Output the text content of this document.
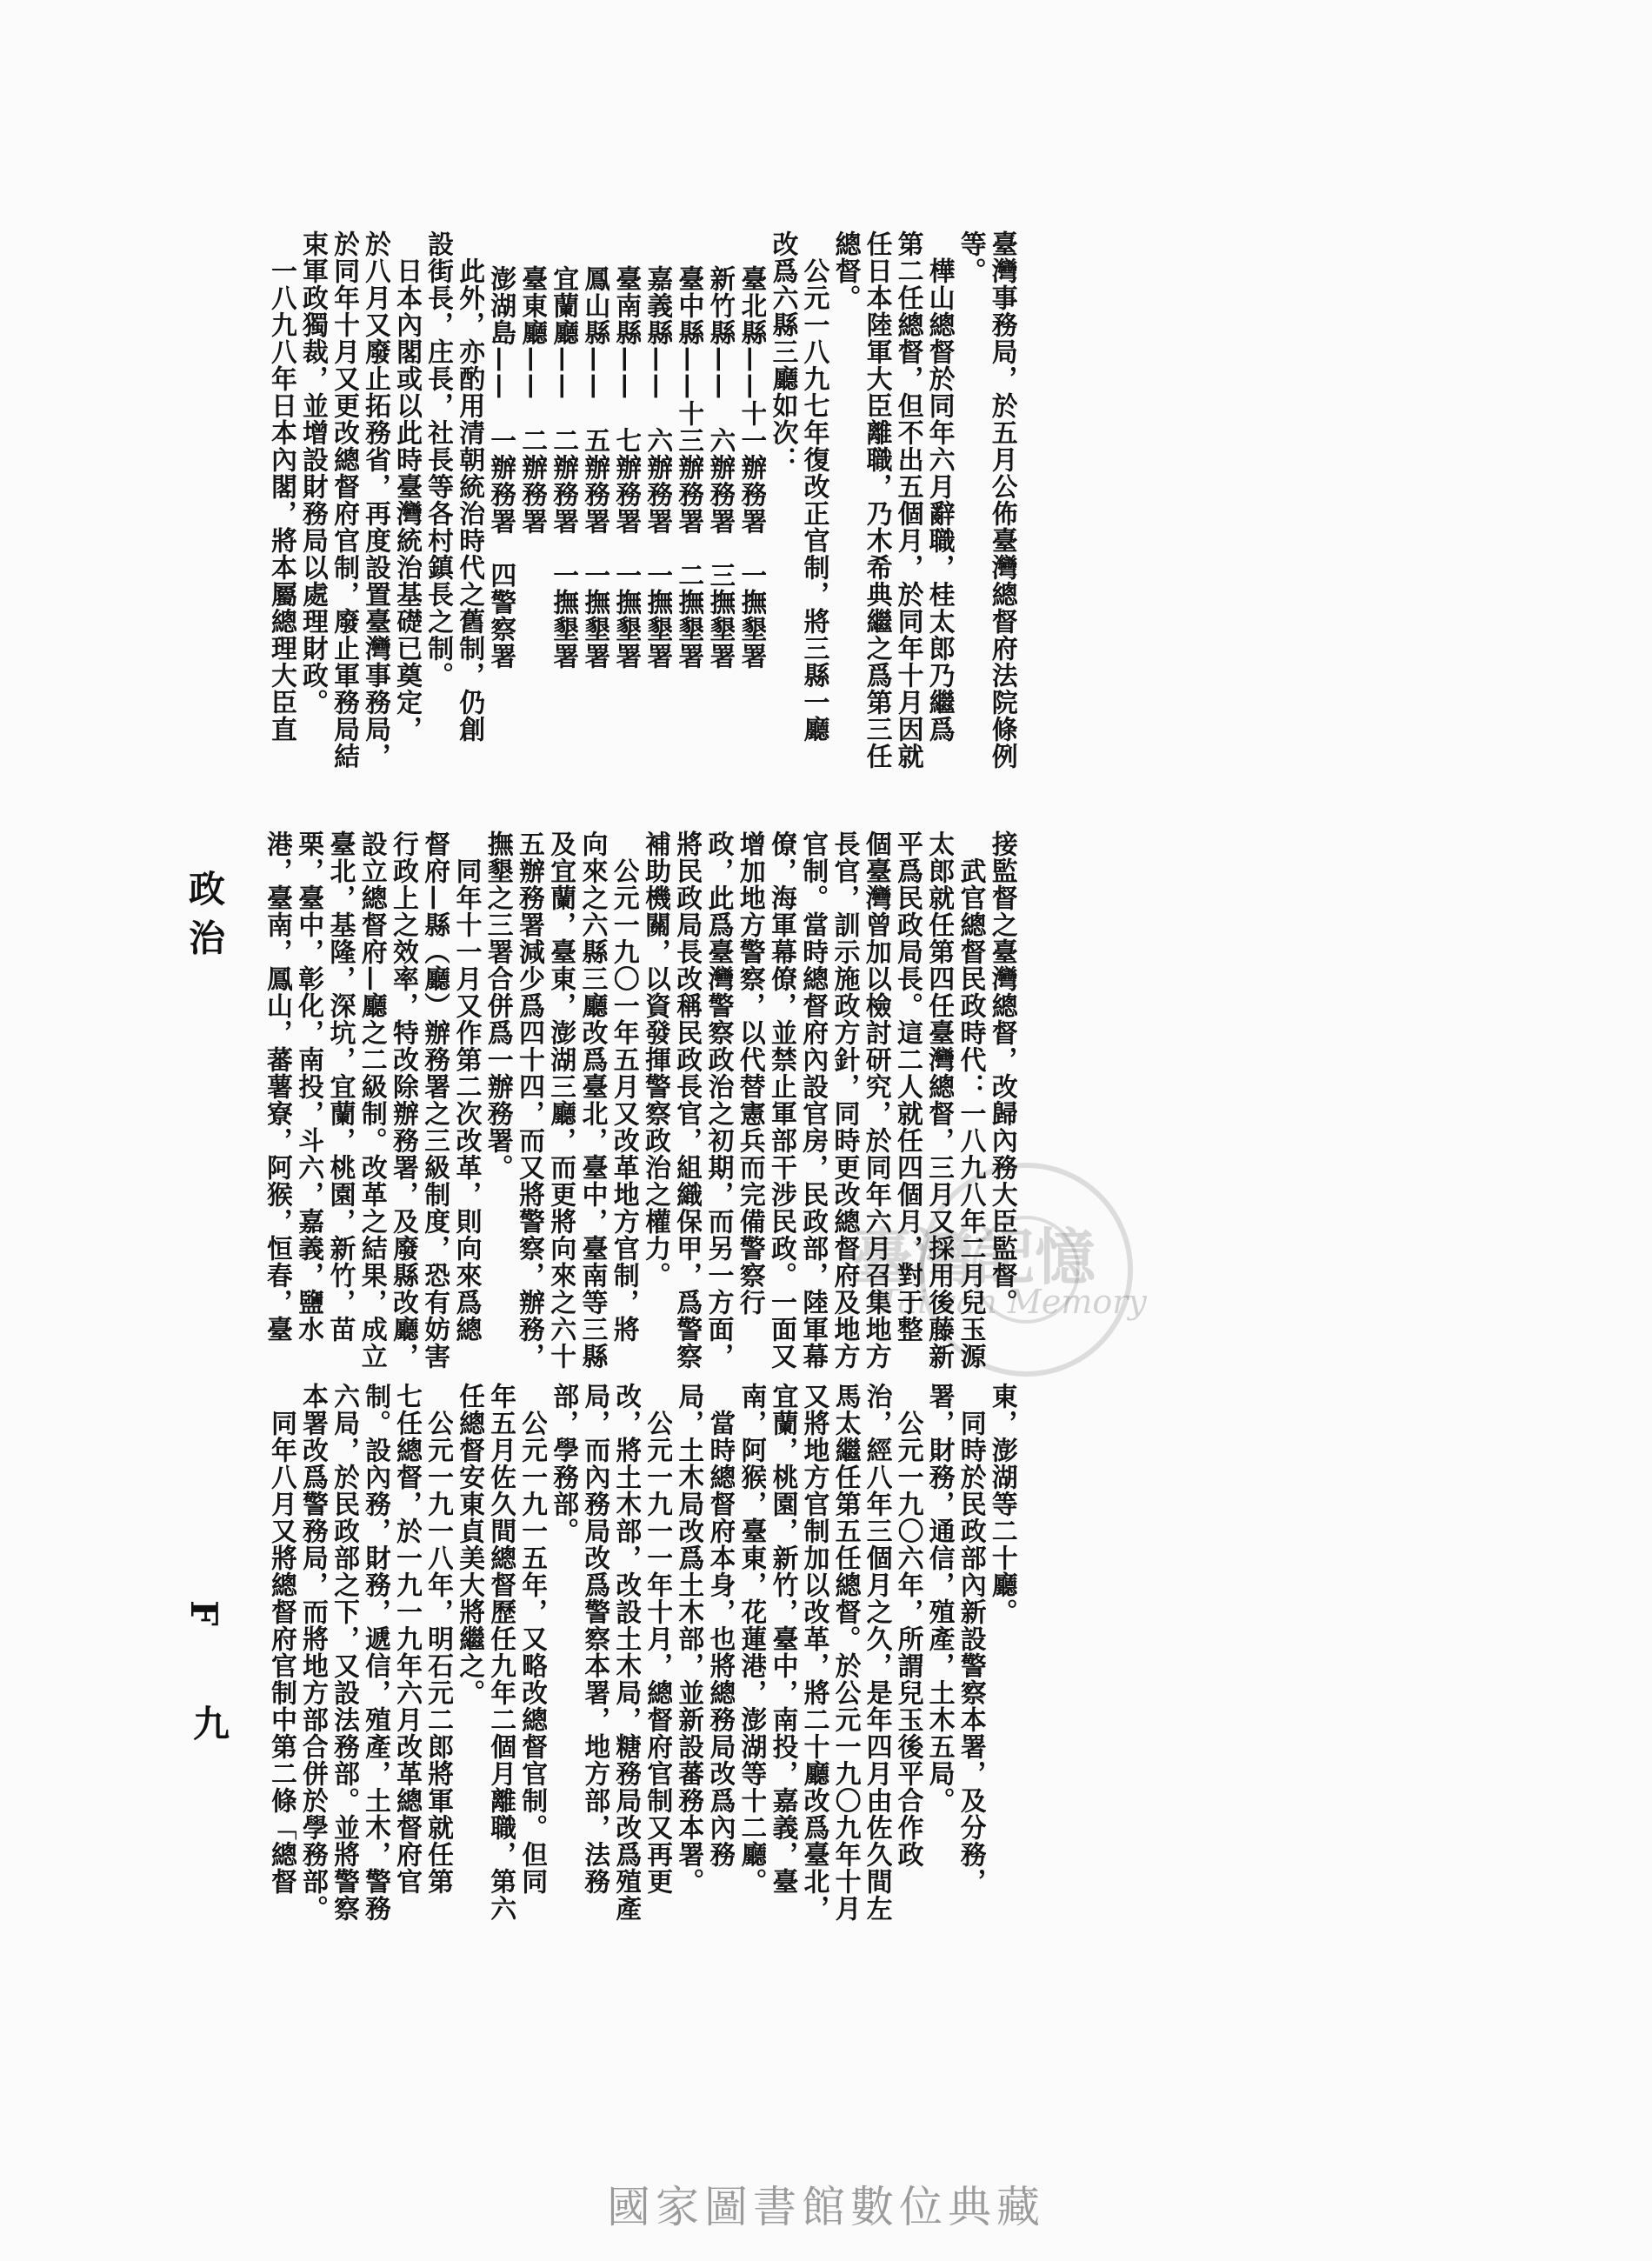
政 治
F
九
國家圖書館數位典藏
臺灣事務局，於五月公佈臺灣總督府法院條例
等。
　樺山總督於同年六月辭職，桂太郎乃繼爲
第二任總督，但不出五個月，於同年十月因就
任日本陸軍大臣離職，乃木希典繼之爲第三任
總督。
　公元一八九七年復改正官制，將三縣一廳
改爲六縣三廳如次：
臺北縣——十一辦務署　一撫墾署
新竹縣——　六辦務署　三撫墾署
臺中縣——十三辦務署　二撫墾署
嘉義縣——　六辦務署　一撫墾署
臺南縣——　七辦務署　一撫墾署
鳳山縣——　五辦務署　一撫墾署
宜蘭廳——　二辦務署　一撫墾署
臺東廳——　二辦務署
澎湖島——　一辦務署　四警察署
　此外，亦酌用清朝統治時代之舊制，仍創
設街長，庄長，社長等各村鎮長之制。
　日本內閣或以此時臺灣統治基礎已奠定，
於八月又廢止拓務省，再度設置臺灣事務局，
於同年十月又更改總督府官制，廢止軍務局結
束軍政獨裁，並增設財務局以處理財政。
　一八九八年日本內閣，將本屬總理大臣直
接監督之臺灣總督，改歸內務大臣監督。
　武官總督民政時代：一八九八年二月兒玉源
太郎就任第四任臺灣總督，三月又採用後藤新
平爲民政局長。這二人就任四個月，對于整
個臺灣曾加以檢討研究，於同年六月召集地方
長官，訓示施政方針，同時更改總督府及地方
官制。當時總督府內設官房，民政部，陸軍幕
僚，海軍幕僚，並禁止軍部干涉民政。一面又
增加地方警察，以代替憲兵而完備警察行
政，此爲臺灣警察政治之初期，而另一方面，
將民政局長改稱民政長官，組織保甲，爲警察
補助機關，以資發揮警察政治之權力。
　公元一九〇一年五月又改革地方官制，將
向來之六縣三廳改爲臺北，臺中，臺南等三縣
及宜蘭，臺東，澎湖三廳，而更將向來之六十
五辦務署減少爲四十四，而又將警察，辦務，
撫墾之三署合併爲一辦務署。
　同年十一月又作第二次改革，則向來爲總
督府—縣（廳）辦務署之三級制度，恐有妨害
行政上之效率，特改除辦務署，及廢縣改廳，
設立總督府—廳之二級制。改革之結果，成立
臺北，基隆，深坑，宜蘭，桃園，新竹，苗
栗，臺中，彰化，南投，斗六，嘉義，鹽水
港，臺南，鳳山，蕃薯寮，阿猴，恒春，臺
東，澎湖等二十廳。
　同時於民政部內新設警察本署，及分務，
署，財務，通信，殖產，土木五局。
　公元一九〇六年，所謂兒玉後平合作政
治，經八年三個月之久，是年四月由佐久間左
馬太繼任第五任總督。於公元一九〇九年十月
又將地方官制加以改革，將二十廳改爲臺北，
宜蘭，桃園，新竹，臺中，南投，嘉義，臺
南，阿猴，臺東，花蓮港，澎湖等十二廳。
　當時總督府本身，也將總務局改爲內務
局，土木局改爲土木部，並新設蕃務本署。
　公元一九一一年十月，總督府官制又再更
改，將土木部，改設土木局，糖務局改爲殖產
局，而內務局改爲警察本署，地方部，法務
部，學務部。
　公元一九一五年，又略改總督官制。但同
年五月佐久間總督歷任九年二個月離職，第六
任總督安東貞美大將繼之。
　公元一九一八年，明石元二郎將軍就任第
七任總督，於一九一九年六月改革總督府官
制。設內務，財務，遞信，殖產，土木，警務
六局，於民政部之下，又設法務部。並將警察
本署改爲警務局，而將地方部合併於學務部。
　同年八月又將總督府官制中第二條「總督
臺灣記憶
Taiwan Memory
